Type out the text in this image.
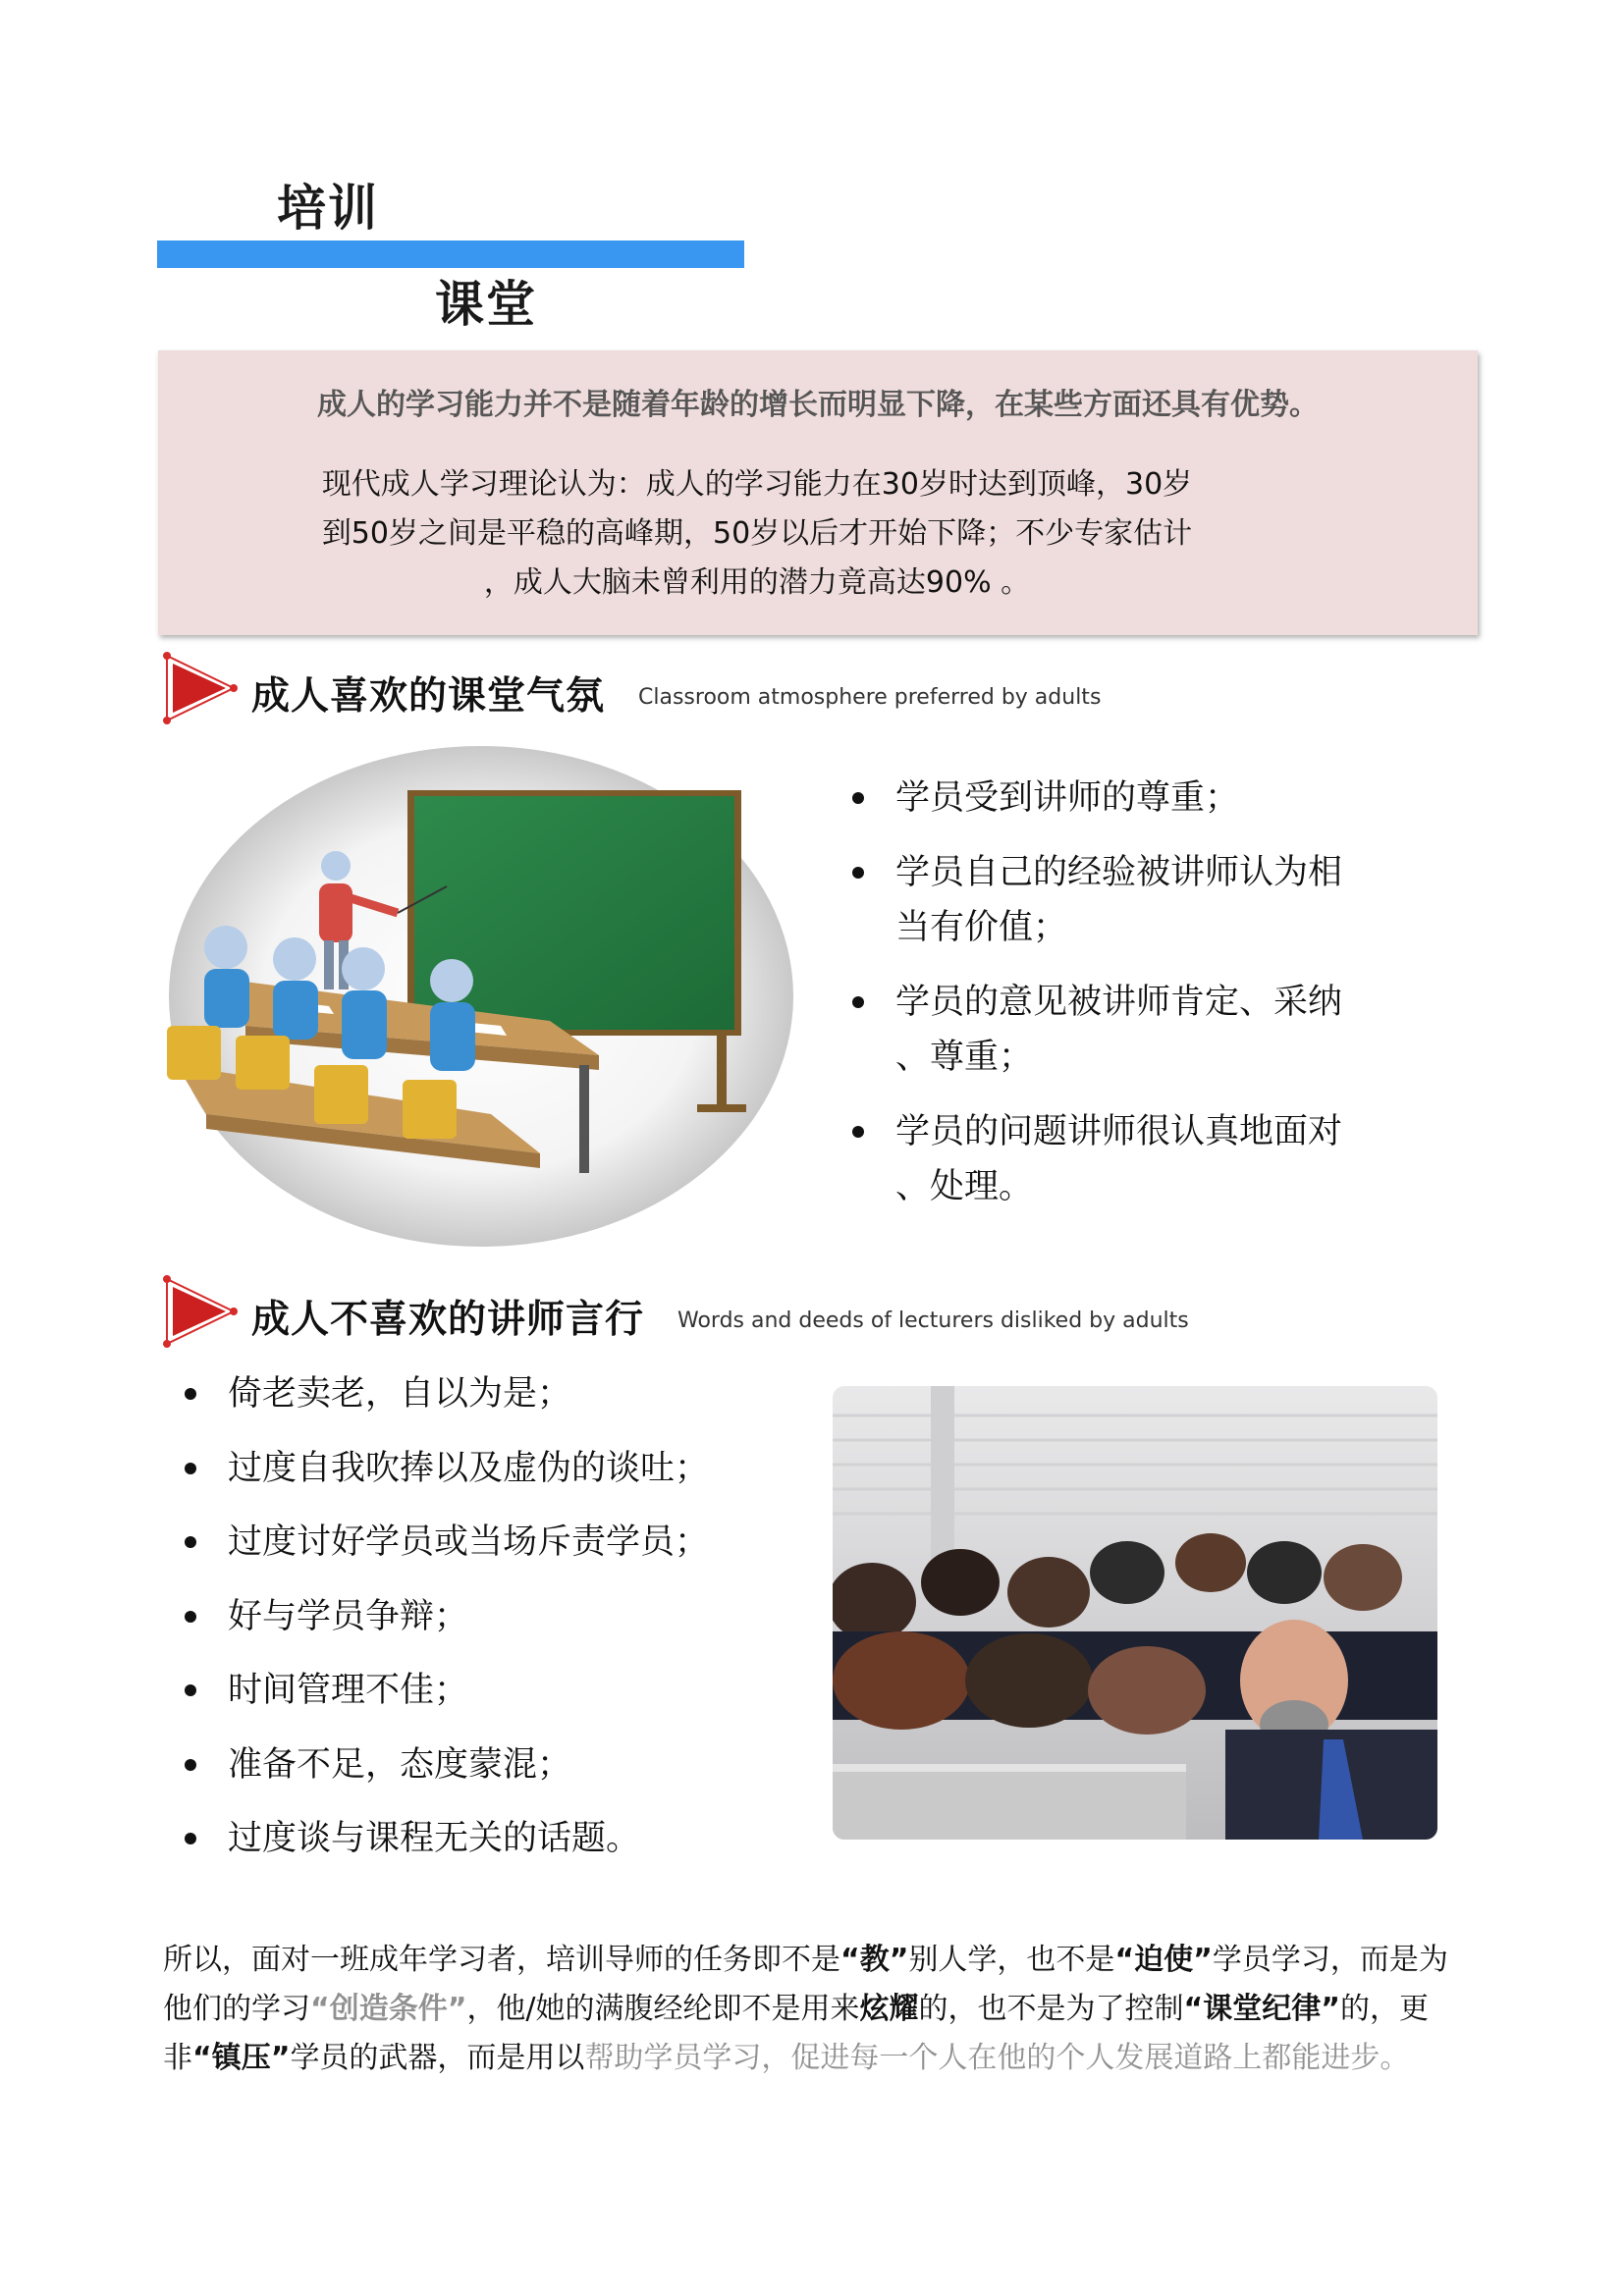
培训
课堂
成人的学习能力并不是随着年龄的增长而明显下降，在某些方面还具有优势。
现代成人学习理论认为：成人的学习能力在30岁时达到顶峰，30岁
到50岁之间是平稳的高峰期，50岁以后才开始下降；不少专家估计
，成人大脑未曾利用的潜力竟高达90% 。
成人喜欢的课堂气氛 Classroom atmosphere preferred by adults
学员受到讲师的尊重；
学员自己的经验被讲师认为相
当有价值；
学员的意见被讲师肯定、采纳
、尊重；
学员的问题讲师很认真地面对
、处理。
成人不喜欢的讲师言行 Words and deeds of lecturers disliked by adults
倚老卖老，自以为是；
过度自我吹捧以及虚伪的谈吐；
过度讨好学员或当场斥责学员；
好与学员争辩；
时间管理不佳；
准备不足，态度蒙混；
过度谈与课程无关的话题。
所以，面对一班成年学习者，培训导师的任务即不是“教”别人学，也不是“迫使”学员学习，而是为他们的学习“创造条件”，他/她的满腹经纶即不是用来炫耀的，也不是为了控制“课堂纪律”的，更非“镇压”学员的武器，而是用以帮助学员学习，促进每一个人在他的个人发展道路上都能进步。
